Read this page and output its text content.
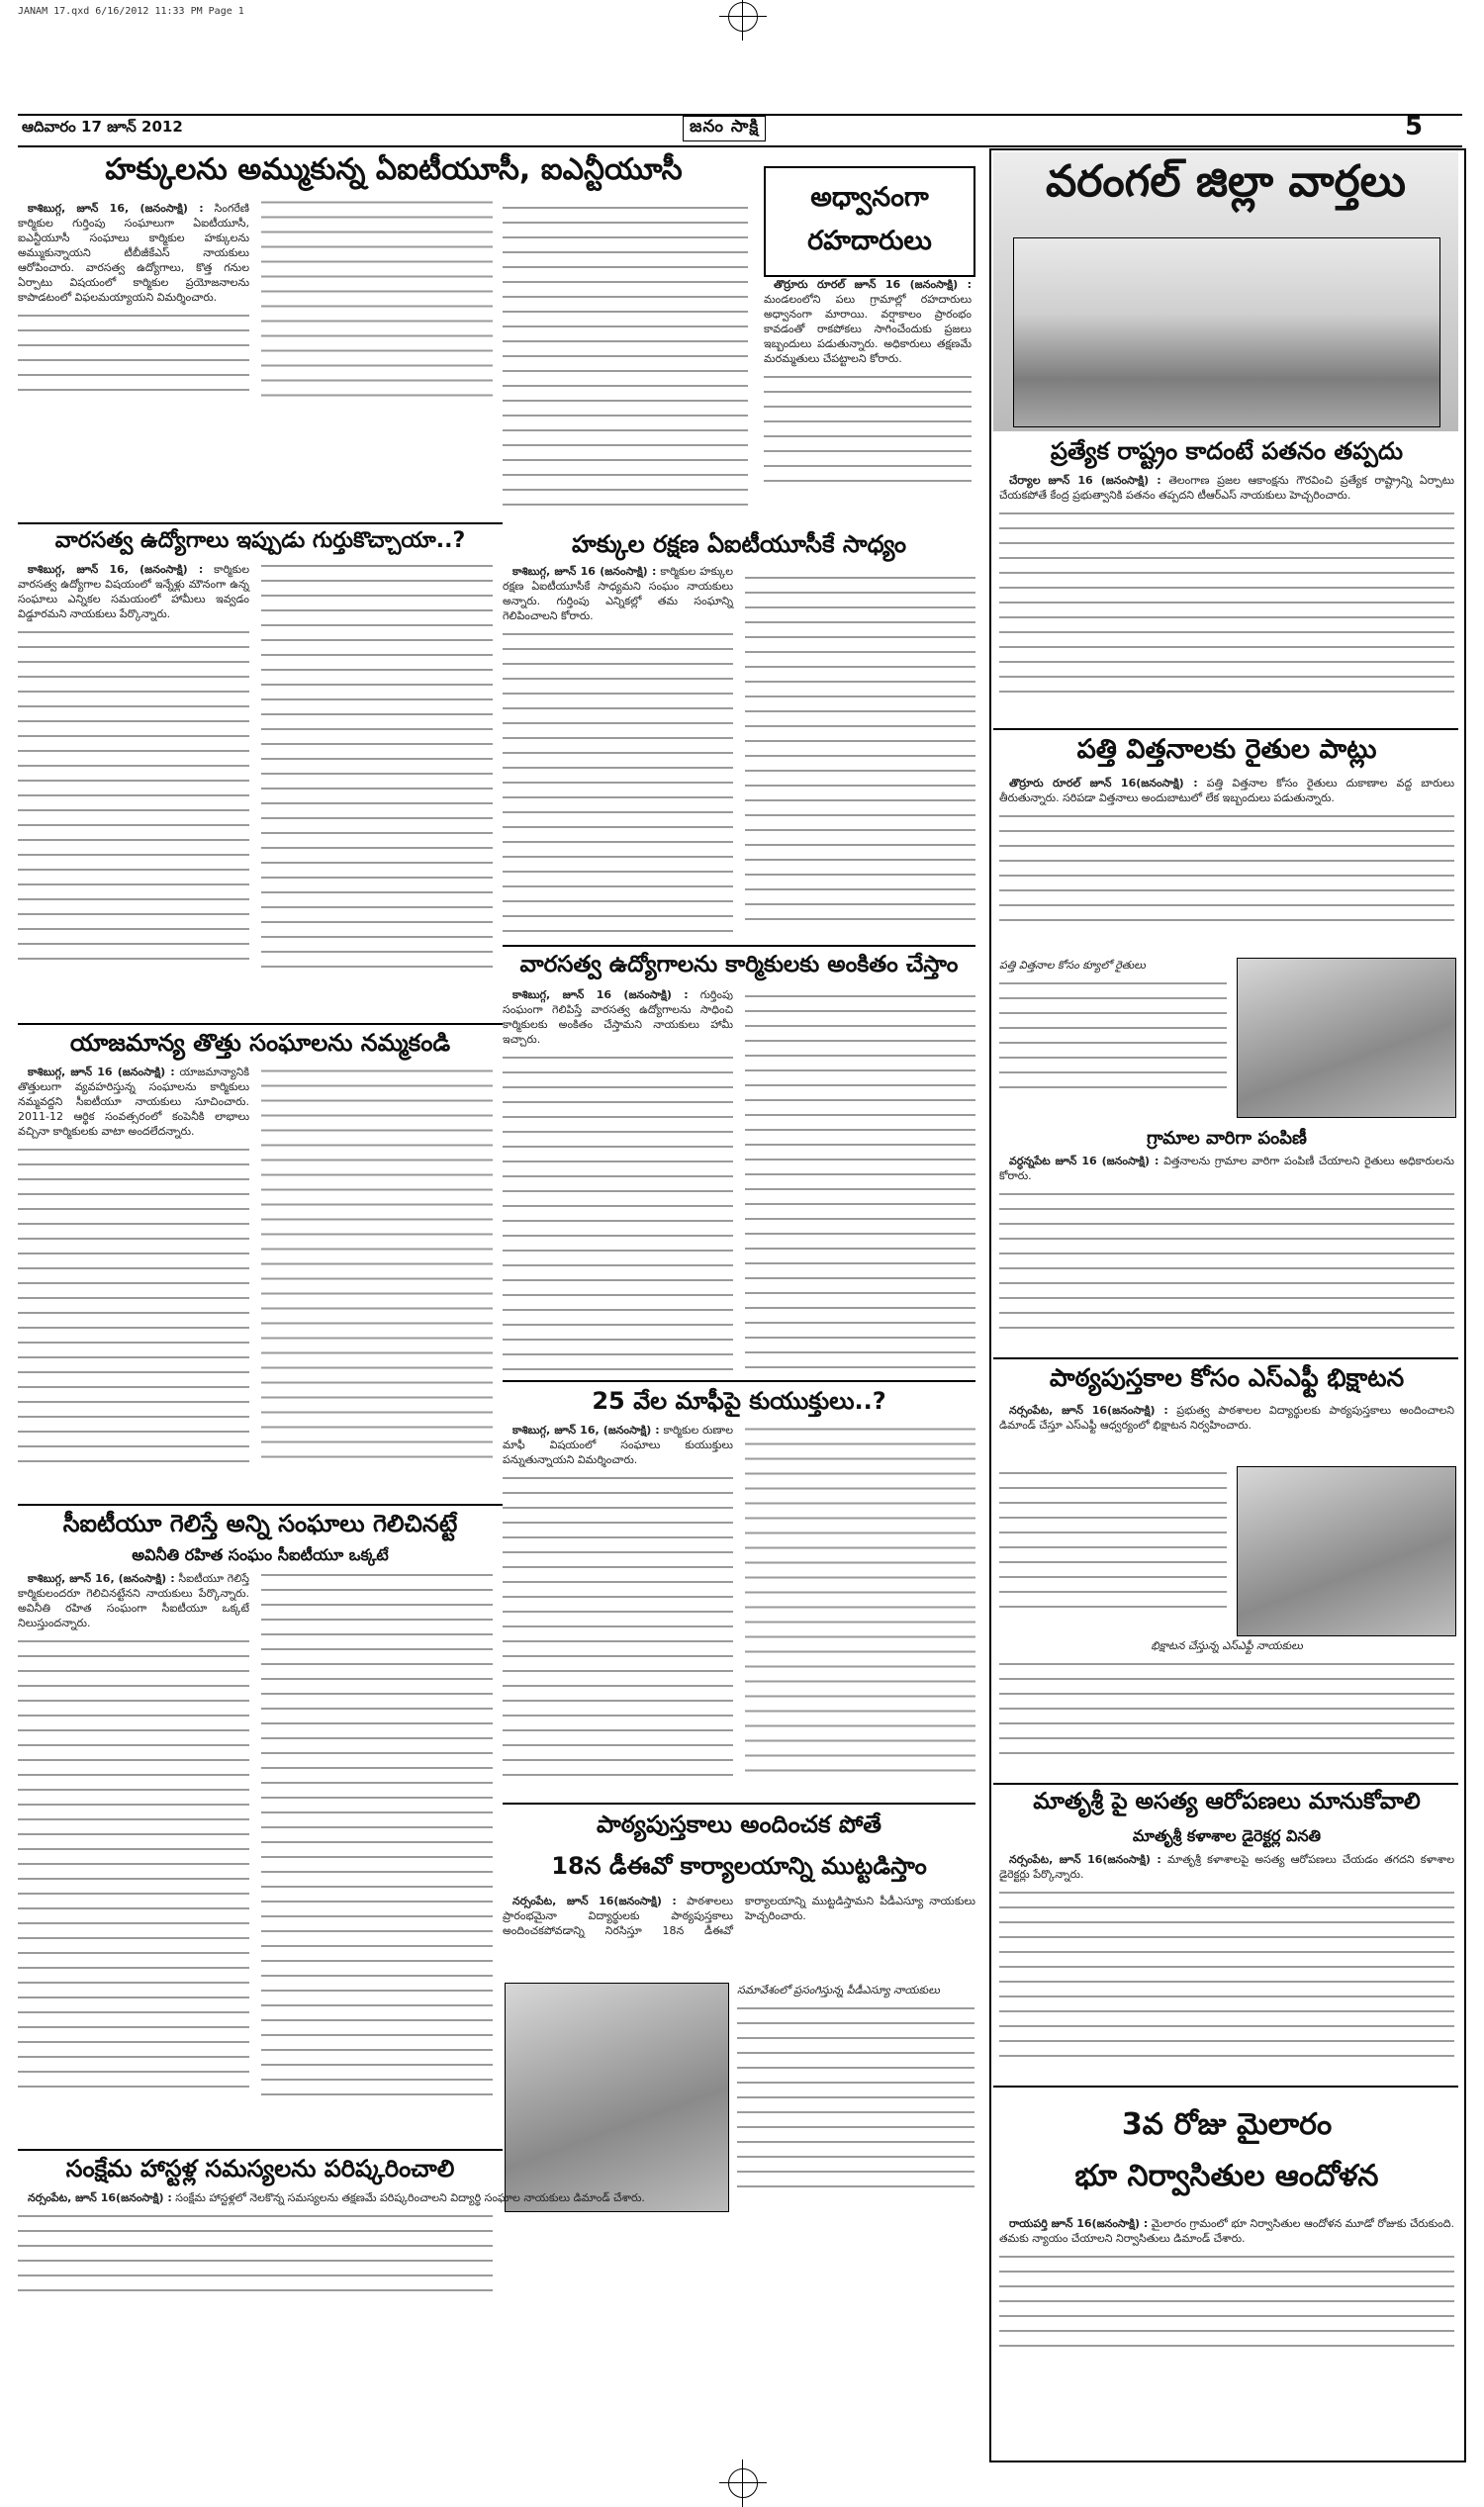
JANAM 17.qxd 6/16/2012 11:33 PM Page 1
ఆదివారం 17 జూన్ 2012	జనం సాక్షి	5
హక్కులను అమ్ముకున్న ఏఐటీయూసీ, ఐఎన్టీయూసీ

కాశిబుగ్గ, జూన్ 16, (జనంసాక్షి) : సింగరేణి కార్మికుల గుర్తింపు సంఘాలుగా ఏఐటీయూసీ, ఐఎన్టీయూసీ సంఘాలు కార్మికుల హక్కులను అమ్ముకున్నాయని టీబీజీకేఎస్ నాయకులు ఆరోపించారు. వారసత్వ ఉద్యోగాలు, కొత్త గనుల ఏర్పాటు విషయంలో కార్మికుల ప్రయోజనాలను కాపాడటంలో విఫలమయ్యాయని విమర్శించారు.

అధ్వానంగా రహదారులు

తొర్రూరు రూరల్ జూన్ 16 (జనంసాక్షి) : మండలంలోని పలు గ్రామాల్లో రహదారులు అధ్వానంగా మారాయి. వర్షాకాలం ప్రారంభం కావడంతో రాకపోకలు సాగించేందుకు ప్రజలు ఇబ్బందులు పడుతున్నారు. అధికారులు తక్షణమే మరమ్మతులు చేపట్టాలని కోరారు.

వారసత్వ ఉద్యోగాలు ఇప్పుడు గుర్తుకొచ్చాయా..?

కాశిబుగ్గ, జూన్ 16, (జనంసాక్షి) : కార్మికుల వారసత్వ ఉద్యోగాల విషయంలో ఇన్నేళ్లు మౌనంగా ఉన్న సంఘాలు ఎన్నికల సమయంలో హామీలు ఇవ్వడం విడ్డూరమని నాయకులు పేర్కొన్నారు.

హక్కుల రక్షణ ఏఐటీయూసీకే సాధ్యం

కాశిబుగ్గ, జూన్ 16 (జనంసాక్షి) : కార్మికుల హక్కుల రక్షణ ఏఐటీయూసీకే సాధ్యమని సంఘం నాయకులు అన్నారు. గుర్తింపు ఎన్నికల్లో తమ సంఘాన్ని గెలిపించాలని కోరారు.

యాజమాన్య తొత్తు సంఘాలను నమ్మకండి

కాశిబుగ్గ, జూన్ 16 (జనంసాక్షి) : యాజమాన్యానికి తొత్తులుగా వ్యవహరిస్తున్న సంఘాలను కార్మికులు నమ్మవద్దని సీఐటీయూ నాయకులు సూచించారు. 2011-12 ఆర్థిక సంవత్సరంలో కంపెనీకి లాభాలు వచ్చినా కార్మికులకు వాటా అందలేదన్నారు.

వారసత్వ ఉద్యోగాలను కార్మికులకు అంకితం చేస్తాం

కాశిబుగ్గ, జూన్ 16 (జనంసాక్షి) : గుర్తింపు సంఘంగా గెలిపిస్తే వారసత్వ ఉద్యోగాలను సాధించి కార్మికులకు అంకితం చేస్తామని నాయకులు హామీ ఇచ్చారు.

సీఐటీయూ గెలిస్తే అన్ని సంఘాలు గెలిచినట్టే
అవినీతి రహిత సంఘం సీఐటీయూ ఒక్కటే

కాశిబుగ్గ, జూన్ 16, (జనంసాక్షి) : సీఐటీయూ గెలిస్తే కార్మికులందరూ గెలిచినట్టేనని నాయకులు పేర్కొన్నారు. అవినీతి రహిత సంఘంగా సీఐటీయూ ఒక్కటే నిలుస్తుందన్నారు.

25 వేల మాఫీపై కుయుక్తులు..?

కాశిబుగ్గ, జూన్ 16, (జనంసాక్షి) : కార్మికుల రుణాల మాఫీ విషయంలో సంఘాలు కుయుక్తులు పన్నుతున్నాయని విమర్శించారు.

పాఠ్యపుస్తకాలు అందించక పోతే
18న డీఈవో కార్యాలయాన్ని ముట్టడిస్తాం

నర్సంపేట, జూన్ 16(జనంసాక్షి) : పాఠశాలలు ప్రారంభమైనా విద్యార్థులకు పాఠ్యపుస్తకాలు అందించకపోవడాన్ని నిరసిస్తూ 18న డీఈవో కార్యాలయాన్ని ముట్టడిస్తామని పీడీఎస్యూ నాయకులు హెచ్చరించారు.

సమావేశంలో ప్రసంగిస్తున్న పీడీఎస్యూ నాయకులు

సంక్షేమ హాస్టళ్ల సమస్యలను పరిష్కరించాలి

నర్సంపేట, జూన్ 16(జనంసాక్షి) : సంక్షేమ హాస్టళ్లలో నెలకొన్న సమస్యలను తక్షణమే పరిష్కరించాలని విద్యార్థి సంఘాల నాయకులు డిమాండ్ చేశారు.

వరంగల్ జిల్లా వార్తలు
ప్రత్యేక రాష్ట్రం కాదంటే పతనం తప్పదు

చేర్యాల జూన్ 16 (జనంసాక్షి) : తెలంగాణ ప్రజల ఆకాంక్షను గౌరవించి ప్రత్యేక రాష్ట్రాన్ని ఏర్పాటు చేయకపోతే కేంద్ర ప్రభుత్వానికి పతనం తప్పదని టీఆర్ఎస్ నాయకులు హెచ్చరించారు.

పత్తి విత్తనాలకు రైతుల పాట్లు

తొర్రూరు రూరల్ జూన్ 16(జనంసాక్షి) : పత్తి విత్తనాల కోసం రైతులు దుకాణాల వద్ద బారులు తీరుతున్నారు. సరిపడా విత్తనాలు అందుబాటులో లేక ఇబ్బందులు పడుతున్నారు.

పత్తి విత్తనాల కోసం క్యూలో రైతులు

గ్రామాల వారిగా పంపిణీ

వర్ధన్నపేట జూన్ 16 (జనంసాక్షి) : విత్తనాలను గ్రామాల వారిగా పంపిణీ చేయాలని రైతులు అధికారులను కోరారు.

పాఠ్యపుస్తకాల కోసం ఎస్ఎఫ్టీ భిక్షాటన

నర్సంపేట, జూన్ 16(జనంసాక్షి) : ప్రభుత్వ పాఠశాలల విద్యార్థులకు పాఠ్యపుస్తకాలు అందించాలని డిమాండ్ చేస్తూ ఎస్ఎఫ్టీ ఆధ్వర్యంలో భిక్షాటన నిర్వహించారు.

భిక్షాటన చేస్తున్న ఎస్ఎఫ్టీ నాయకులు

మాతృశ్రీ పై అసత్య ఆరోపణలు మానుకోవాలి
మాతృశ్రీ కళాశాల డైరెక్టర్ల వినతి

నర్సంపేట, జూన్ 16(జనంసాక్షి) : మాతృశ్రీ కళాశాలపై అసత్య ఆరోపణలు చేయడం తగదని కళాశాల డైరెక్టర్లు పేర్కొన్నారు.

3వ రోజు మైలారం
భూ నిర్వాసితుల ఆందోళన

రాయపర్తి జూన్ 16(జనంసాక్షి) : మైలారం గ్రామంలో భూ నిర్వాసితుల ఆందోళన మూడో రోజుకు చేరుకుంది. తమకు న్యాయం చేయాలని నిర్వాసితులు డిమాండ్ చేశారు.
